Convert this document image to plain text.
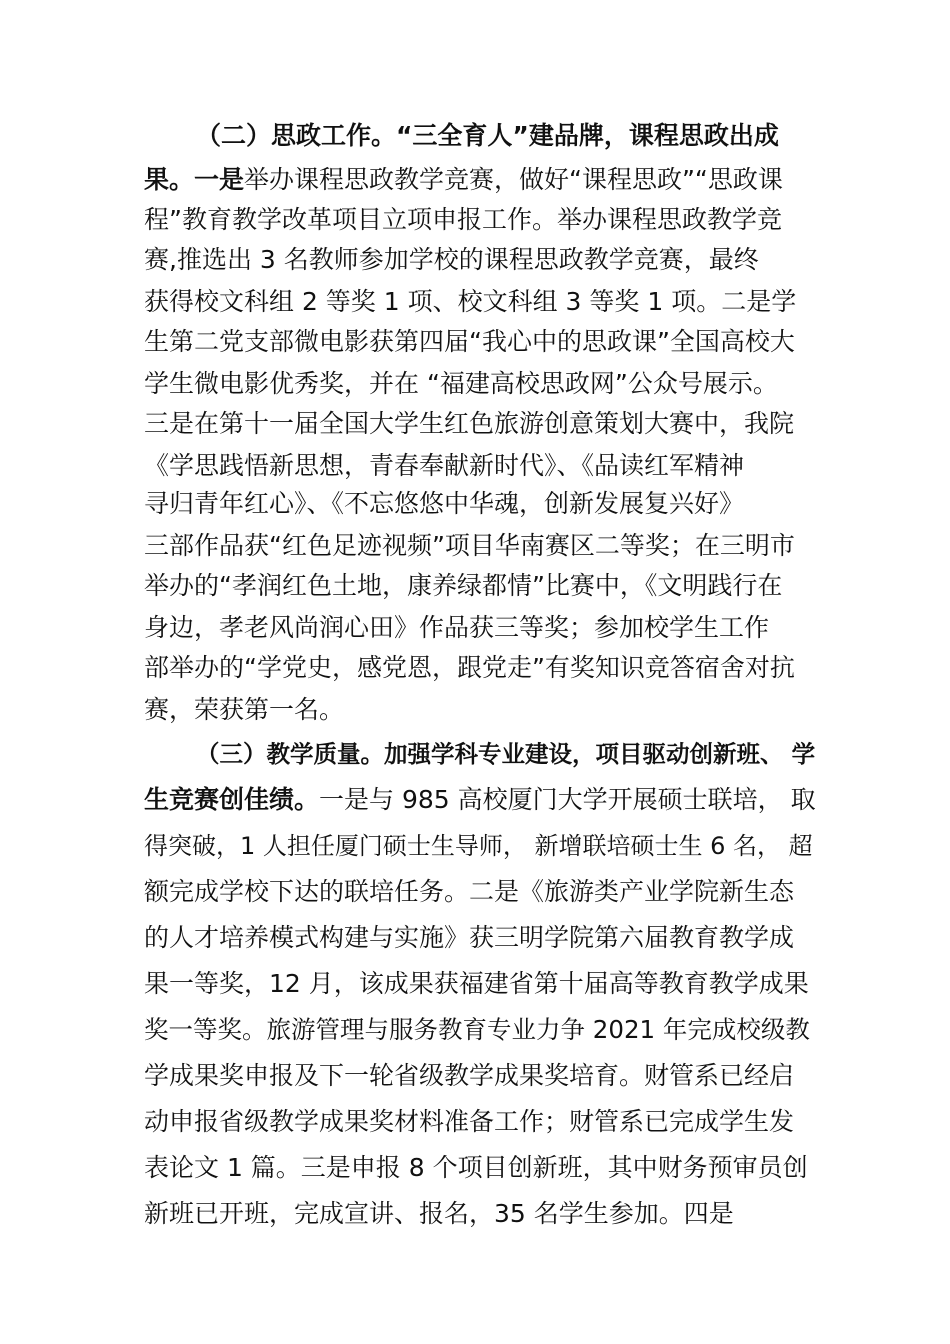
（二）思政工作。“三全育人”建品牌，课程思政出成
果。一是举办课程思政教学竞赛，做好“课程思政”“思政课
程”教育教学改革项目立项申报工作。举办课程思政教学竞
赛,推选出 3 名教师参加学校的课程思政教学竞赛，最终
获得校文科组 2 等奖 1 项、校文科组 3 等奖 1 项。二是学
生第二党支部微电影获第四届“我心中的思政课”全国高校大
学生微电影优秀奖，并在 “福建高校思政网”公众号展示。
三是在第十一届全国大学生红色旅游创意策划大赛中，我院
《学思践悟新思想，青春奉献新时代》、《品读红军精神
寻归青年红心》、《不忘悠悠中华魂，创新发展复兴好》
三部作品获“红色足迹视频”项目华南赛区二等奖；在三明市
举办的“孝润红色土地，康养绿都情”比赛中，《文明践行在
身边，孝老风尚润心田》作品获三等奖；参加校学生工作
部举办的“学党史，感党恩，跟党走”有奖知识竞答宿舍对抗
赛，荣获第一名。
（三）教学质量。加强学科专业建设，项目驱动创新班、 学
生竞赛创佳绩。一是与 985 高校厦门大学开展硕士联培， 取
得突破，1 人担任厦门硕士生导师， 新增联培硕士生 6 名， 超
额完成学校下达的联培任务。二是《旅游类产业学院新生态
的人才培养模式构建与实施》获三明学院第六届教育教学成
果一等奖，12 月，该成果获福建省第十届高等教育教学成果
奖一等奖。旅游管理与服务教育专业力争 2021 年完成校级教
学成果奖申报及下一轮省级教学成果奖培育。财管系已经启
动申报省级教学成果奖材料准备工作；财管系已完成学生发
表论文 1 篇。三是申报 8 个项目创新班，其中财务预审员创
新班已开班，完成宣讲、报名，35 名学生参加。四是
